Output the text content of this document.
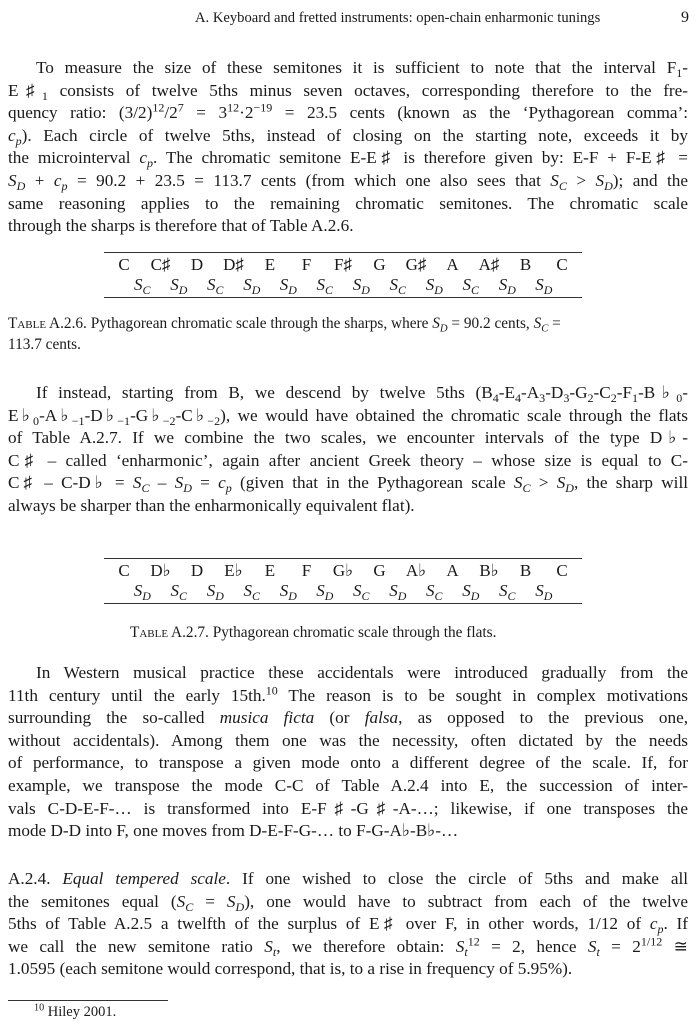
A. Keyboard and fretted instruments: open-chain enharmonic tunings	9
To measure the size of these semitones it is sufficient to note that the interval $F_1-$
$E♯_1$ consists of twelve 5ths minus seven octaves, corresponding therefore to the fre-
quency ratio: $(3/2)^{12}/2^7 = 3^{12}\cdot 2^{-19} = 23.5$ cents (known as the ‘Pythagorean comma’:
$c_p$). Each circle of twelve 5ths, instead of closing on the starting note, exceeds it by
the microinterval $c_p$. The chromatic semitone E-E♯ is therefore given by: E-F + F-E♯ =
$S_D + c_p = 90.2 + 23.5 = 113.7$ cents (from which one also sees that $S_C > S_D$); and the
same reasoning applies to the remaining chromatic semitones. The chromatic scale
through the sharps is therefore that of Table A.2.6.
C C♯ D D♯ E F F♯ G G♯ A A♯ B C
$S_C$ $S_D$ $S_C$ $S_D$ $S_D$ $S_C$ $S_D$ $S_C$ $S_D$ $S_C$ $S_D$ $S_D$

Table A.2.6. Pythagorean chromatic scale through the sharps, where $S_D = 90.2$ cents, $S_C$ =
113.7 cents.

If instead, starting from B, we descend by twelve 5ths ($B_4-E_4-A_3-D_3-G_2-C_2-F_1-B♭_0-$
$E♭_0-A♭_{-1}-D♭_{-1}-G♭_{-2}-C♭_{-2}$), we would have obtained the chromatic scale through the flats
of Table A.2.7. If we combine the two scales, we encounter intervals of the type D♭-
C♯ – called ‘enharmonic’, again after ancient Greek theory – whose size is equal to C-
C♯ – C-D♭ = $S_C - S_D = c_p$ (given that in the Pythagorean scale $S_C > S_D$, the sharp will
always be sharper than the enharmonically equivalent flat).
C D♭ D E♭ E F G♭ G A♭ A B♭ B C
$S_D$ $S_C$ $S_D$ $S_C$ $S_D$ $S_D$ $S_C$ $S_D$ $S_C$ $S_D$ $S_C$ $S_D$

Table A.2.7. Pythagorean chromatic scale through the flats.

In Western musical practice these accidentals were introduced gradually from the
11th century until the early 15th.$^{10}$ The reason is to be sought in complex motivations
surrounding the so-called musica ficta (or falsa, as opposed to the previous one,
without accidentals). Among them one was the necessity, often dictated by the needs
of performance, to transpose a given mode onto a different degree of the scale. If, for
example, we transpose the mode C-C of Table A.2.4 into E, the succession of inter-
vals C-D-E-F-… is transformed into E-F♯-G♯-A-…; likewise, if one transposes the
mode D-D into F, one moves from D-E-F-G-… to F-G-A♭-B♭-…
A.2.4. Equal tempered scale. If one wished to close the circle of 5ths and make all
the semitones equal $(S_C = S_D)$, one would have to subtract from each of the twelve
5ths of Table A.2.5 a twelfth of the surplus of E♯ over F, in other words, 1/12 of $c_p$. If
we call the new semitone ratio $S_t$, we therefore obtain: $S_t^{12} = 2$, hence $S_t = 2^{1/12}$ ≅
1.0595 (each semitone would correspond, that is, to a rise in frequency of 5.95%).
$^{10}$ Hiley 2001.
